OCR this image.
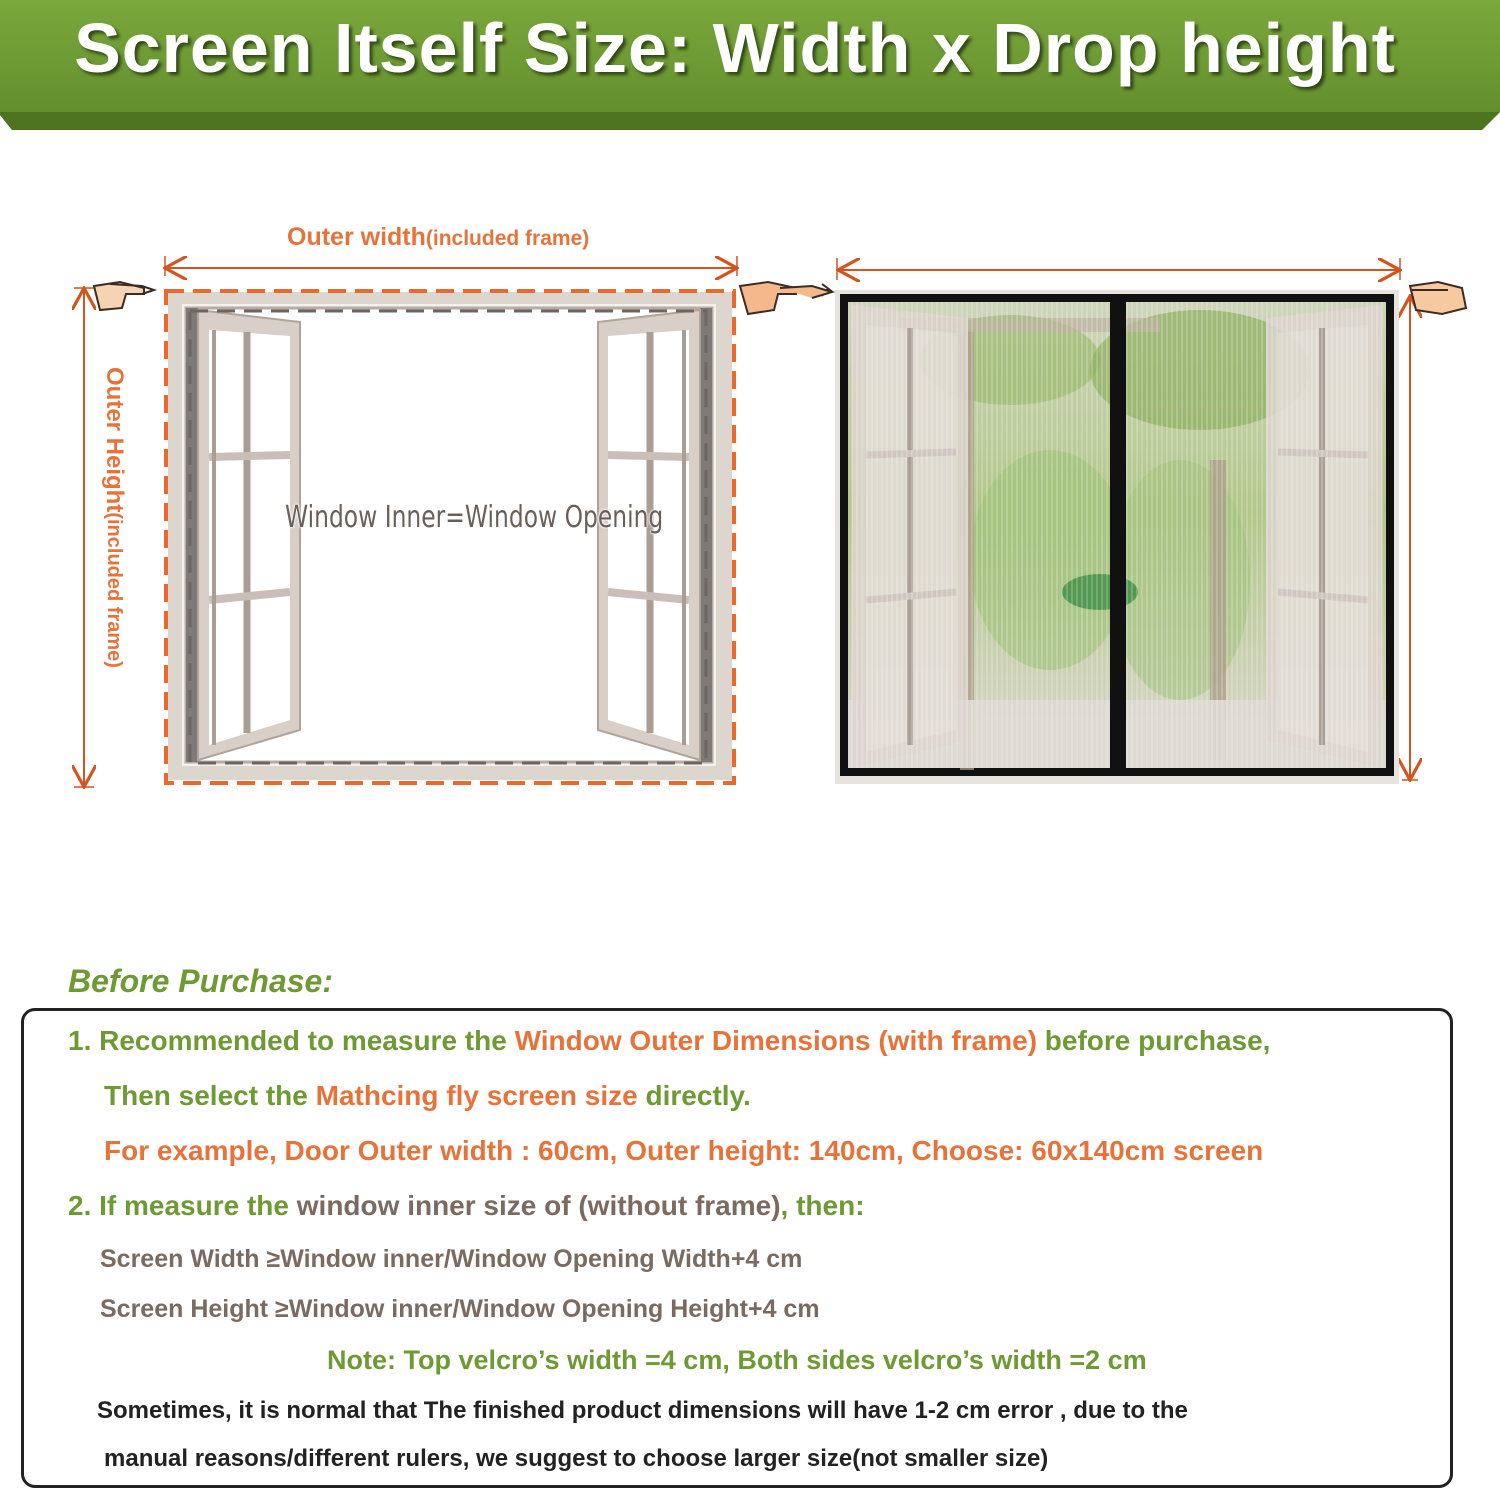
Screen Itself Size: Width x Drop height
Outer width(included frame)
Outer Height(included frame)	Window Inner=Window Opening
Before Purchase:
1. Recommended to measure the Window Outer Dimensions (with frame) before purchase,
Then select the Mathcing fly screen size directly.
For example, Door Outer width : 60cm, Outer height: 140cm, Choose: 60x140cm screen
2. If measure the window inner size of (without frame), then:
Screen Width ≥Window inner/Window Opening Width+4 cm
Screen Height ≥Window inner/Window Opening Height+4 cm
Note: Top velcro’s width =4 cm, Both sides velcro’s width =2 cm
Sometimes, it is normal that The finished product dimensions will have 1-2 cm error , due to the
manual reasons/different rulers, we suggest to choose larger size(not smaller size)
